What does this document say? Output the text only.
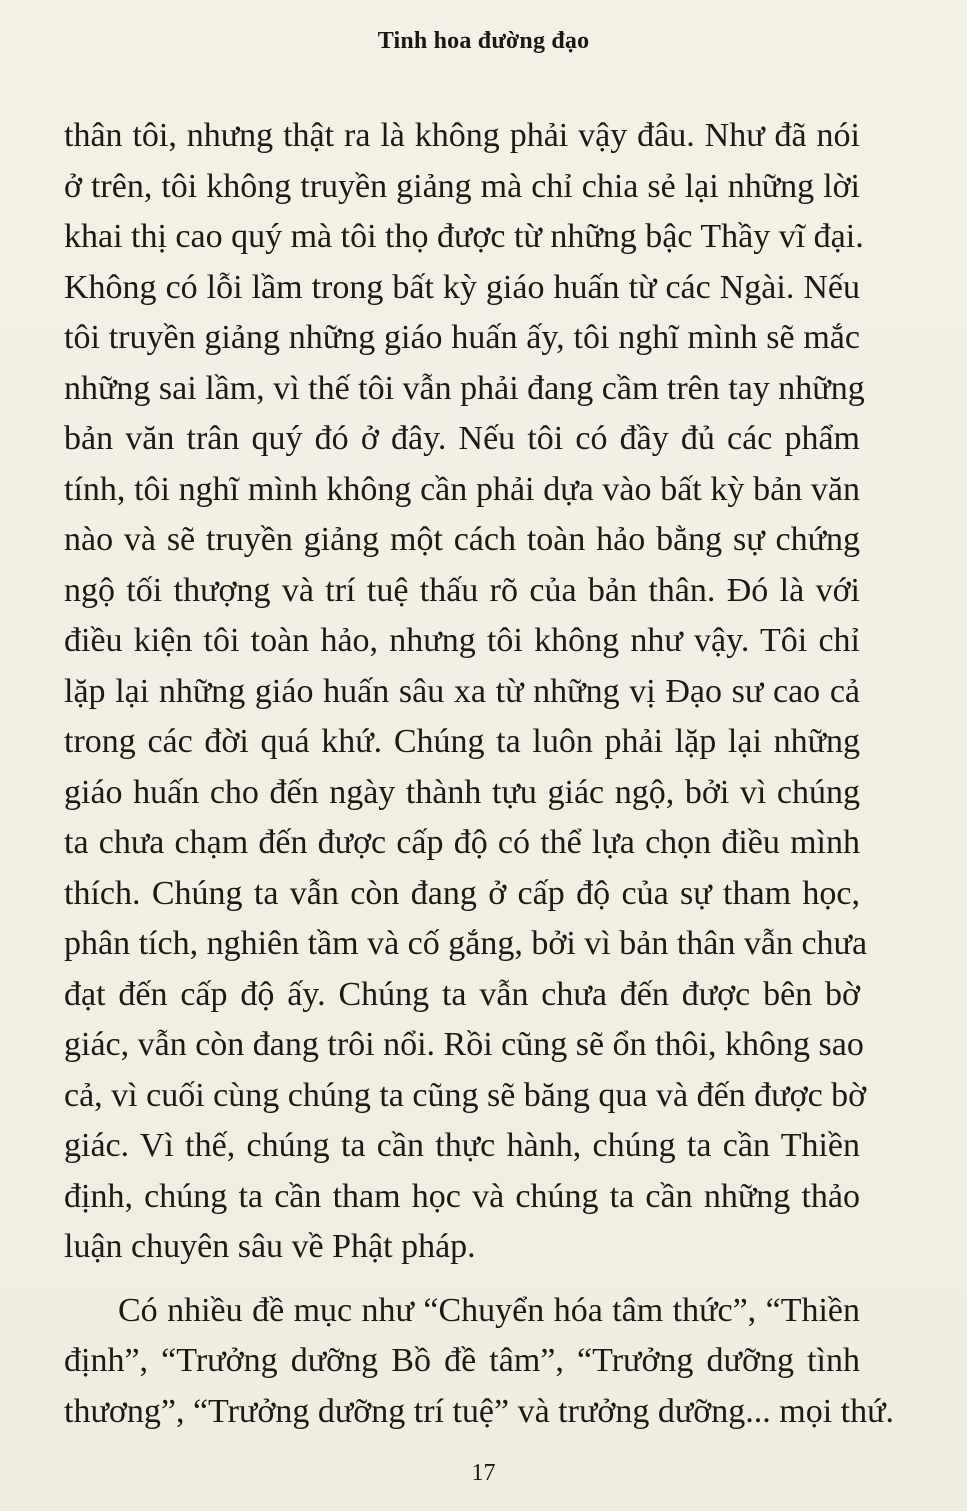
Tinh hoa đường đạo
thân tôi, nhưng thật ra là không phải vậy đâu. Như đã nói
ở trên, tôi không truyền giảng mà chỉ chia sẻ lại những lời
khai thị cao quý mà tôi thọ được từ những bậc Thầy vĩ đại.
Không có lỗi lầm trong bất kỳ giáo huấn từ các Ngài. Nếu
tôi truyền giảng những giáo huấn ấy, tôi nghĩ mình sẽ mắc
những sai lầm, vì thế tôi vẫn phải đang cầm trên tay những
bản văn trân quý đó ở đây. Nếu tôi có đầy đủ các phẩm
tính, tôi nghĩ mình không cần phải dựa vào bất kỳ bản văn
nào và sẽ truyền giảng một cách toàn hảo bằng sự chứng
ngộ tối thượng và trí tuệ thấu rõ của bản thân. Đó là với
điều kiện tôi toàn hảo, nhưng tôi không như vậy. Tôi chỉ
lặp lại những giáo huấn sâu xa từ những vị Đạo sư cao cả
trong các đời quá khứ. Chúng ta luôn phải lặp lại những
giáo huấn cho đến ngày thành tựu giác ngộ, bởi vì chúng
ta chưa chạm đến được cấp độ có thể lựa chọn điều mình
thích. Chúng ta vẫn còn đang ở cấp độ của sự tham học,
phân tích, nghiên tầm và cố gắng, bởi vì bản thân vẫn chưa
đạt đến cấp độ ấy. Chúng ta vẫn chưa đến được bên bờ
giác, vẫn còn đang trôi nổi. Rồi cũng sẽ ổn thôi, không sao
cả, vì cuối cùng chúng ta cũng sẽ băng qua và đến được bờ
giác. Vì thế, chúng ta cần thực hành, chúng ta cần Thiền
định, chúng ta cần tham học và chúng ta cần những thảo
luận chuyên sâu về Phật pháp.
Có nhiều đề mục như “Chuyển hóa tâm thức”, “Thiền
định”, “Trưởng dưỡng Bồ đề tâm”, “Trưởng dưỡng tình
thương”, “Trưởng dưỡng trí tuệ” và trưởng dưỡng... mọi thứ.
17
